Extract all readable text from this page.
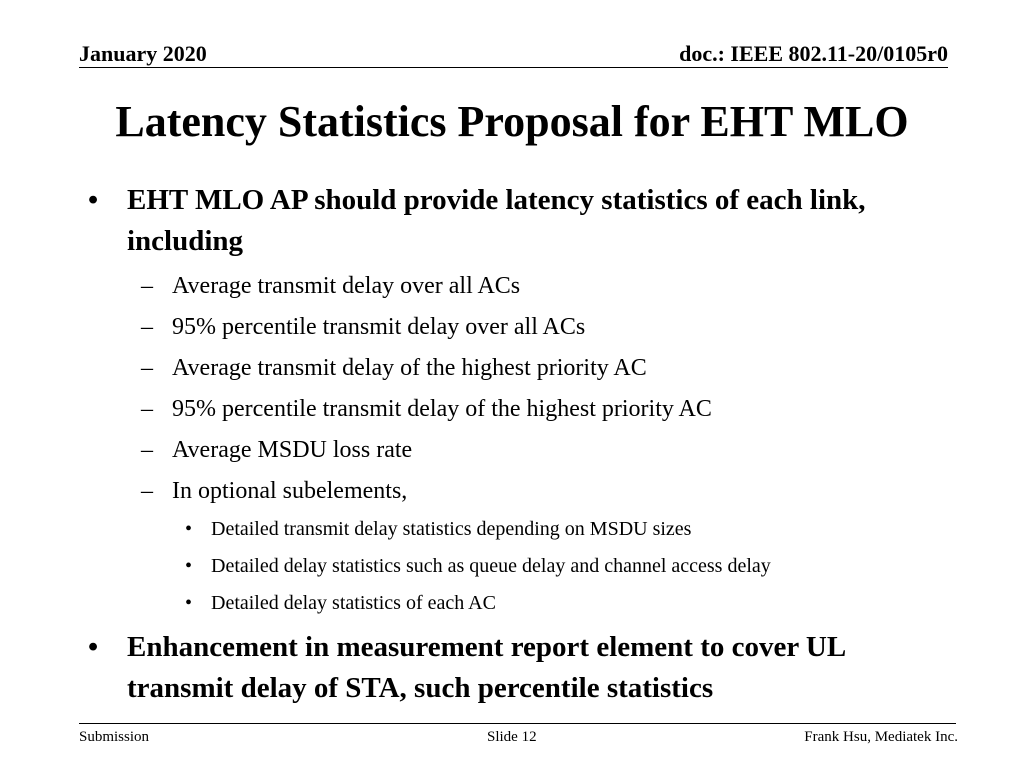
January 2020	doc.: IEEE 802.11-20/0105r0
Latency Statistics Proposal for EHT MLO
• EHT MLO AP should provide latency statistics of each link, including
– Average transmit delay over all ACs
– 95% percentile transmit delay over all ACs
– Average transmit delay of the highest priority AC
– 95% percentile transmit delay of the highest priority AC
– Average MSDU loss rate
– In optional subelements,
• Detailed transmit delay statistics depending on MSDU sizes
• Detailed delay statistics such as queue delay and channel access delay
• Detailed delay statistics of each AC
• Enhancement in measurement report element to cover UL transmit delay of STA, such percentile statistics
Submission	Slide 12	Frank Hsu, Mediatek Inc.
